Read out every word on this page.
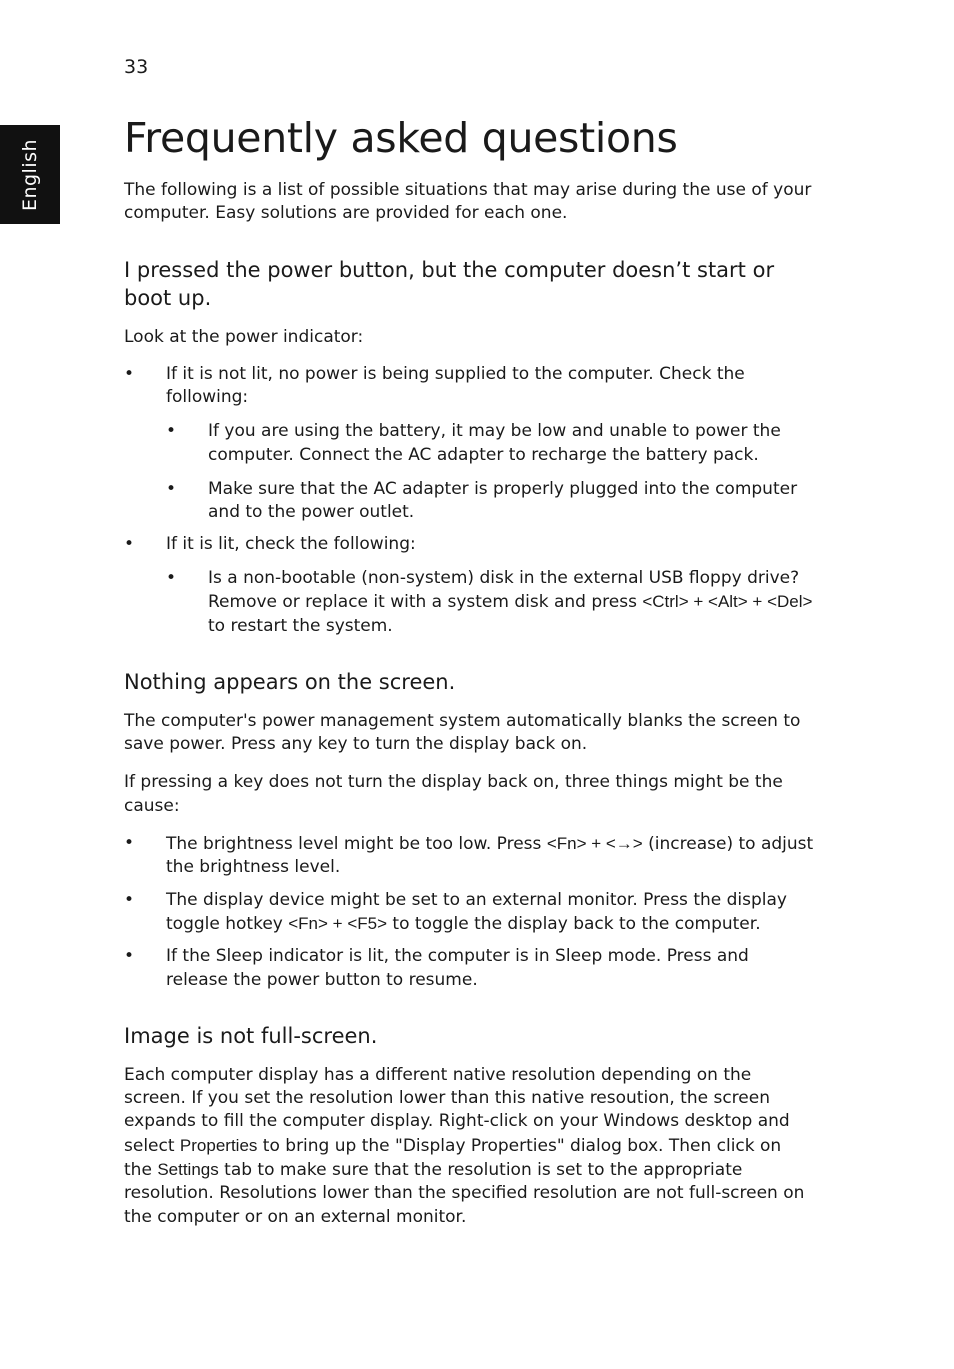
33
English
Frequently asked questions

The following is a list of possible situations that may arise during the use of your computer. Easy solutions are provided for each one.

I pressed the power button, but the computer doesn’t start or boot up.

Look at the power indicator:

• If it is not lit, no power is being supplied to the computer. Check the following:
• If you are using the battery, it may be low and unable to power the computer. Connect the AC adapter to recharge the battery pack.
• Make sure that the AC adapter is properly plugged into the computer and to the power outlet.
• If it is lit, check the following:
• Is a non-bootable (non-system) disk in the external USB floppy drive? Remove or replace it with a system disk and press <Ctrl> + <Alt> + <Del> to restart the system.
Nothing appears on the screen.

The computer's power management system automatically blanks the screen to save power. Press any key to turn the display back on.

If pressing a key does not turn the display back on, three things might be the cause:

• The brightness level might be too low. Press <Fn> + <→> (increase) to adjust the brightness level.
• The display device might be set to an external monitor. Press the display toggle hotkey <Fn> + <F5> to toggle the display back to the computer.
• If the Sleep indicator is lit, the computer is in Sleep mode. Press and release the power button to resume.
Image is not full-screen.

Each computer display has a different native resolution depending on the screen. If you set the resolution lower than this native resoution, the screen expands to fill the computer display. Right-click on your Windows desktop and select Properties to bring up the "Display Properties" dialog box. Then click on the Settings tab to make sure that the resolution is set to the appropriate resolution. Resolutions lower than the specified resolution are not full-screen on the computer or on an external monitor.
